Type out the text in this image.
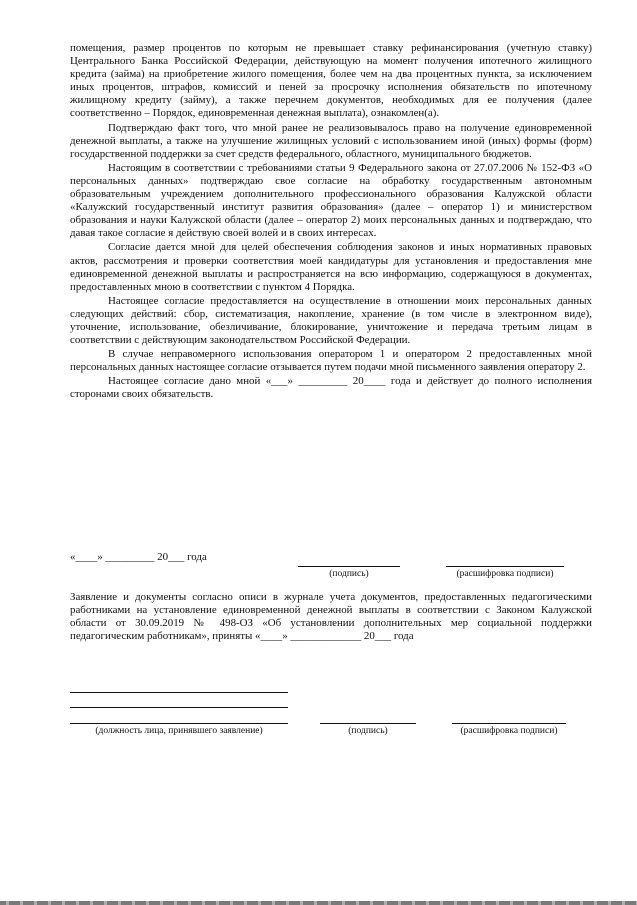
помещения, размер процентов по которым не превышает ставку рефинансирования (учетную ставку) Центрального Банка Российской Федерации, действующую на момент получения ипотечного жилищного кредита (займа) на приобретение жилого помещения, более чем на два процентных пункта, за исключением иных процентов, штрафов, комиссий и пеней за просрочку исполнения обязательств по ипотечному жилищному кредиту (займу), а также перечнем документов, необходимых для ее получения (далее соответственно – Порядок, единовременная денежная выплата), ознакомлен(а).

Подтверждаю факт того, что мной ранее не реализовывалось право на получение единовременной денежной выплаты, а также на улучшение жилищных условий с использованием иной (иных) формы (форм) государственной поддержки за счет средств федерального, областного, муниципального бюджетов.

Настоящим в соответствии с требованиями статьи 9 Федерального закона от 27.07.2006 № 152-ФЗ «О персональных данных» подтверждаю свое согласие на обработку государственным автономным образовательным учреждением дополнительного профессионального образования Калужской области «Калужский государственный институт развития образования» (далее – оператор 1) и министерством образования и науки Калужской области (далее – оператор 2) моих персональных данных и подтверждаю, что давая такое согласие я действую своей волей и в своих интересах.

Согласие дается мной для целей обеспечения соблюдения законов и иных нормативных правовых актов, рассмотрения и проверки соответствия моей кандидатуры для установления и предоставления мне единовременной денежной выплаты и распространяется на всю информацию, содержащуюся в документах, предоставленных мною в соответствии с пунктом 4 Порядка.

Настоящее согласие предоставляется на осуществление в отношении моих персональных данных следующих действий: сбор, систематизация, накопление, хранение (в том числе в электронном виде), уточнение, использование, обезличивание, блокирование, уничтожение и передача третьим лицам в соответствии с действующим законодательством Российской Федерации.

В случае неправомерного использования оператором 1 и оператором 2 предоставленных мной персональных данных настоящее согласие отзывается путем подачи мной письменного заявления оператору 2.

Настоящее согласие дано мной «___» _________ 20____ года и действует до полного исполнения сторонами своих обязательств.

«____» _________ 20___ года
(подпись)	(расшифровка подписи)

Заявление и документы согласно описи в журнале учета документов, предоставленных педагогическими работниками на установление единовременной денежной выплаты в соответствии с Законом Калужской области от 30.09.2019 № 498-ОЗ «Об установлении дополнительных мер социальной поддержки педагогическим работникам», приняты «____» _____________ 20___ года

(должность лица, принявшего заявление)	(подпись)	(расшифровка подписи)
